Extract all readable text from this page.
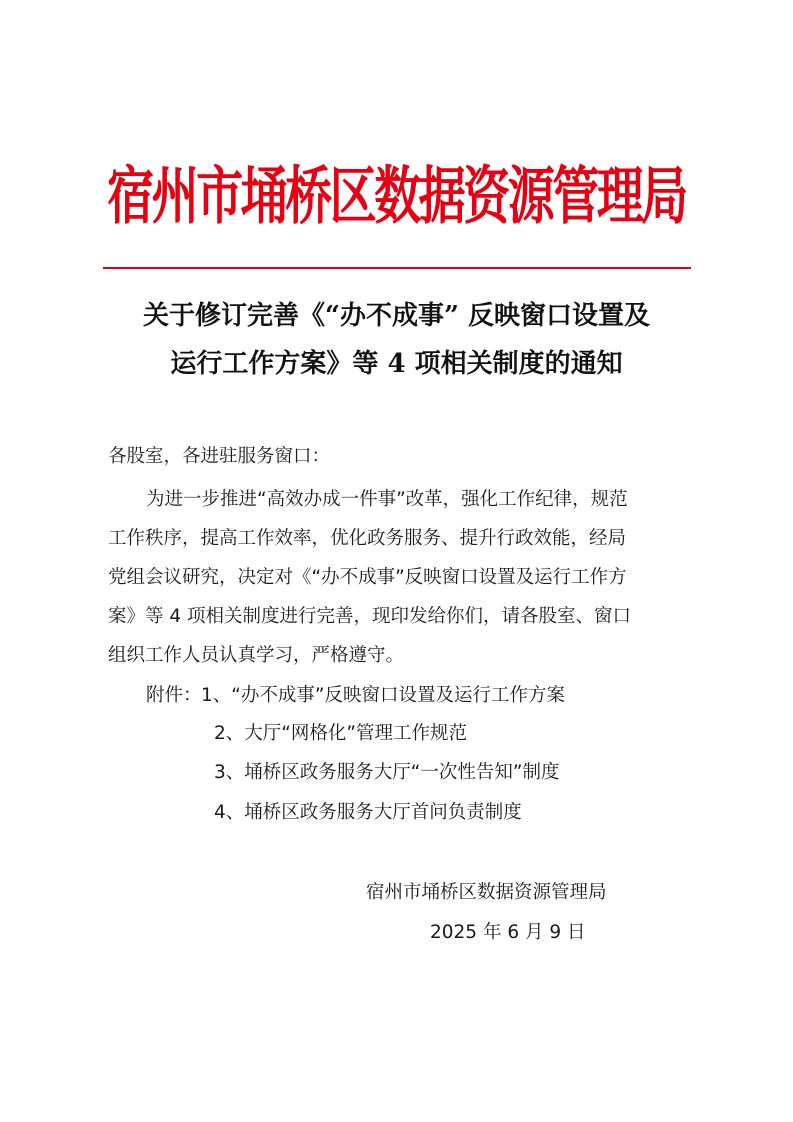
宿州市埇桥区数据资源管理局
关于修订完善《“办不成事” 反映窗口设置及
运行工作方案》等 4 项相关制度的通知
各股室，各进驻服务窗口：
为进一步推进“高效办成一件事”改革，强化工作纪律，规范
工作秩序，提高工作效率，优化政务服务、提升行政效能，经局
党组会议研究，决定对《“办不成事”反映窗口设置及运行工作方
案》等 4 项相关制度进行完善，现印发给你们，请各股室、窗口
组织工作人员认真学习，严格遵守。
附件： 1、“办不成事”反映窗口设置及运行工作方案
2、大厅“网格化”管理工作规范
3、埇桥区政务服务大厅“一次性告知”制度
4、埇桥区政务服务大厅首问负责制度
宿州市埇桥区数据资源管理局
2025 年 6 月 9 日
